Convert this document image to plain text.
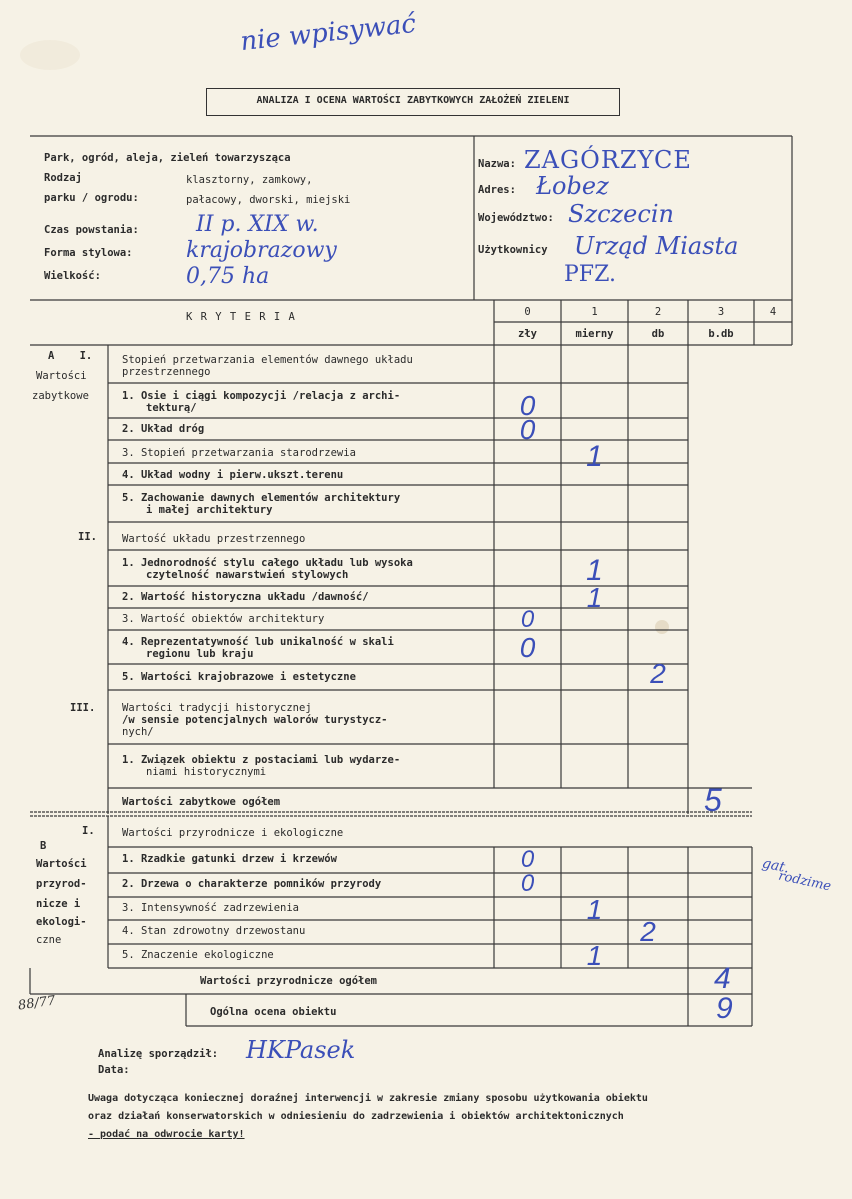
nie wpisywać
ANALIZA I OCENA WARTOŚCI ZABYTKOWYCH ZAŁOŻEŃ ZIELENI
Park, ogród, aleja, zieleń towarzysząca
Rodzaj	klasztorny, zamkowy,
parku / ogrodu:	pałacowy, dworski, miejski
Czas powstania:	II p. XIX w.
Forma stylowa: krajobrazowy
Wielkość:	0,75 ha
Nazwa: ZAGÓRZYCE
Adres: Łobez
Województwo: Szczecin
Użytkownicy Urząd Miasta
PFZ.
K R Y T E R I A	0	1	2	3	4
zły	mierny	db	b.db
A    I.
Wartości
zabytkowe
II.
III.
Stopień przetwarzania elementów dawnego układu
przestrzennego
1. Osie i ciągi kompozycji /relacja z archi-
tekturą/	0
2. Układ dróg	0
3. Stopień przetwarzania starodrzewia	1
4. Układ wodny i pierw.ukszt.terenu
5. Zachowanie dawnych elementów architektury
i małej architektury
Wartość układu przestrzennego
1. Jednorodność stylu całego układu lub wysoka
czytelność nawarstwień stylowych	1
2. Wartość historyczna układu /dawność/	1
3. Wartość obiektów architektury	0
4. Reprezentatywność lub unikalność w skali
regionu lub kraju	0
5. Wartości krajobrazowe i estetyczne	2
Wartości tradycji historycznej
/w sensie potencjalnych walorów turystycz-
nych/
1. Związek obiektu z postaciami lub wydarze-
niami historycznymi
Wartości zabytkowe ogółem	5
I.
B
Wartości
przyrod-
nicze i
ekologi-
czne
Wartości przyrodnicze i ekologiczne
1. Rzadkie gatunki drzew i krzewów	0
2. Drzewa o charakterze pomników przyrody	0
3. Intensywność zadrzewienia	1
4. Stan zdrowotny drzewostanu	2
5. Znaczenie ekologiczne	1
gat.
rodzime
Wartości przyrodnicze ogółem	4
Ogólna ocena obiektu	9
88/77
Analizę sporządził: HKPasek
Data:
Uwaga dotycząca koniecznej doraźnej interwencji w zakresie zmiany sposobu użytkowania obiektu
oraz działań konserwatorskich w odniesieniu do zadrzewienia i obiektów architektonicznych
- podać na odwrocie karty!
